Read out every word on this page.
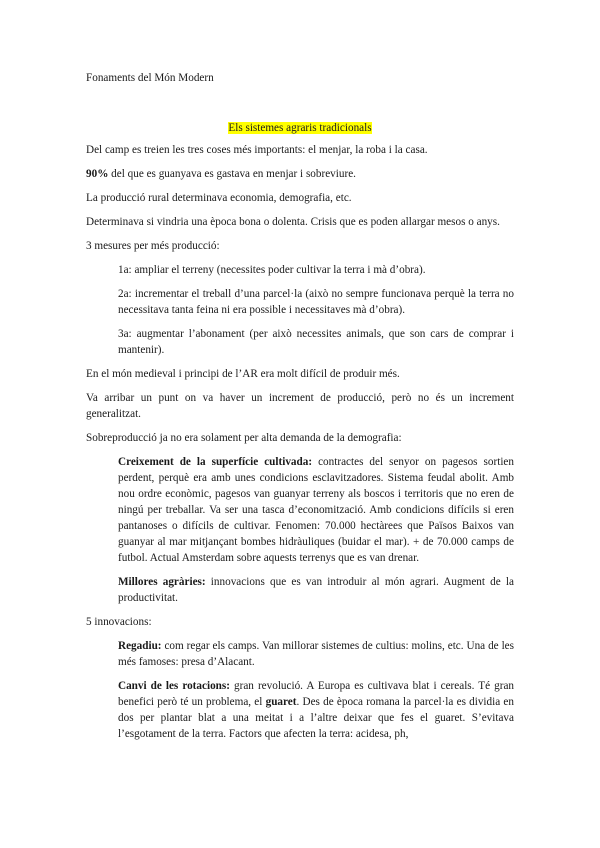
Fonaments del Món Modern

Els sistemes agraris tradicionals

Del camp es treien les tres coses més importants: el menjar, la roba i la casa.

90% del que es guanyava es gastava en menjar i sobreviure.

La producció rural determinava economia, demografia, etc.

Determinava si vindria una època bona o dolenta. Crisis que es poden allargar mesos o anys.

3 mesures per més producció:

1a: ampliar el terreny (necessites poder cultivar la terra i mà d’obra).

2a: incrementar el treball d’una parcel·la (això no sempre funcionava perquè la terra no necessitava tanta feina ni era possible i necessitaves mà d’obra).

3a: augmentar l’abonament (per això necessites animals, que son cars de comprar i mantenir).

En el món medieval i principi de l’AR era molt difícil de produir més.

Va arribar un punt on va haver un increment de producció, però no és un increment generalitzat.

Sobreproducció ja no era solament per alta demanda de la demografia:

Creixement de la superfície cultivada: contractes del senyor on pagesos sortien perdent, perquè era amb unes condicions esclavitzadores. Sistema feudal abolit. Amb nou ordre econòmic, pagesos van guanyar terreny als boscos i territoris que no eren de ningú per treballar. Va ser una tasca d’economització. Amb condicions difícils si eren pantanoses o difícils de cultivar. Fenomen: 70.000 hectàrees que Països Baixos van guanyar al mar mitjançant bombes hidràuliques (buidar el mar). + de 70.000 camps de futbol. Actual Amsterdam sobre aquests terrenys que es van drenar.

Millores agràries: innovacions que es van introduir al món agrari. Augment de la productivitat.

5 innovacions:

Regadiu: com regar els camps. Van millorar sistemes de cultius: molins, etc. Una de les més famoses: presa d’Alacant.

Canvi de les rotacions: gran revolució. A Europa es cultivava blat i cereals. Té gran benefici però té un problema, el guaret. Des de època romana la parcel·la es dividia en dos per plantar blat a una meitat i a l’altre deixar que fes el guaret. S’evitava l’esgotament de la terra. Factors que afecten la terra: acidesa, ph,
